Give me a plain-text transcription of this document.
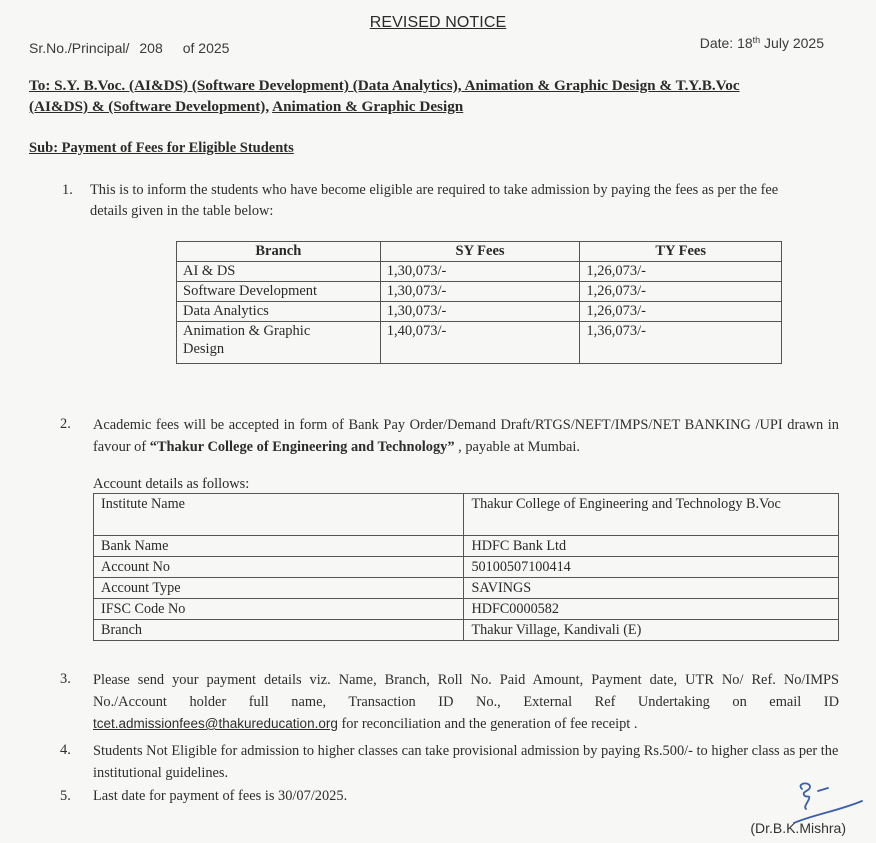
REVISED NOTICE
Sr.No./Principal/ 208 of 2025	Date: 18th July 2025
To: S.Y. B.Voc. (AI&DS) (Software Development) (Data Analytics), Animation & Graphic Design & T.Y.B.Voc
(AI&DS) & (Software Development), Animation & Graphic Design
Sub: Payment of Fees for Eligible Students
1. This is to inform the students who have become eligible are required to take admission by paying the fees as per the fee details given in the table below:
Branch	SY Fees	TY Fees
AI & DS	1,30,073/-	1,26,073/-
Software Development	1,30,073/-	1,26,073/-
Data Analytics	1,30,073/-	1,26,073/-
Animation & Graphic Design	1,40,073/-	1,36,073/-
2. Academic fees will be accepted in form of Bank Pay Order/Demand Draft/RTGS/NEFT/IMPS/NET BANKING /UPI drawn in favour of “Thakur College of Engineering and Technology” , payable at Mumbai.
Account details as follows:
Institute Name	Thakur College of Engineering and Technology B.Voc
Bank Name	HDFC Bank Ltd
Account No	50100507100414
Account Type	SAVINGS
IFSC Code No	HDFC0000582
Branch	Thakur Village, Kandivali (E)
3. Please send your payment details viz. Name, Branch, Roll No. Paid Amount, Payment date, UTR No/ Ref. No/IMPS No./Account holder full name, Transaction ID No., External Ref Undertaking on email ID tcet.admissionfees@thakureducation.org for reconciliation and the generation of fee receipt .
4. Students Not Eligible for admission to higher classes can take provisional admission by paying Rs.500/- to higher class as per the institutional guidelines.
5. Last date for payment of fees is 30/07/2025.
(Dr.B.K.Mishra)
